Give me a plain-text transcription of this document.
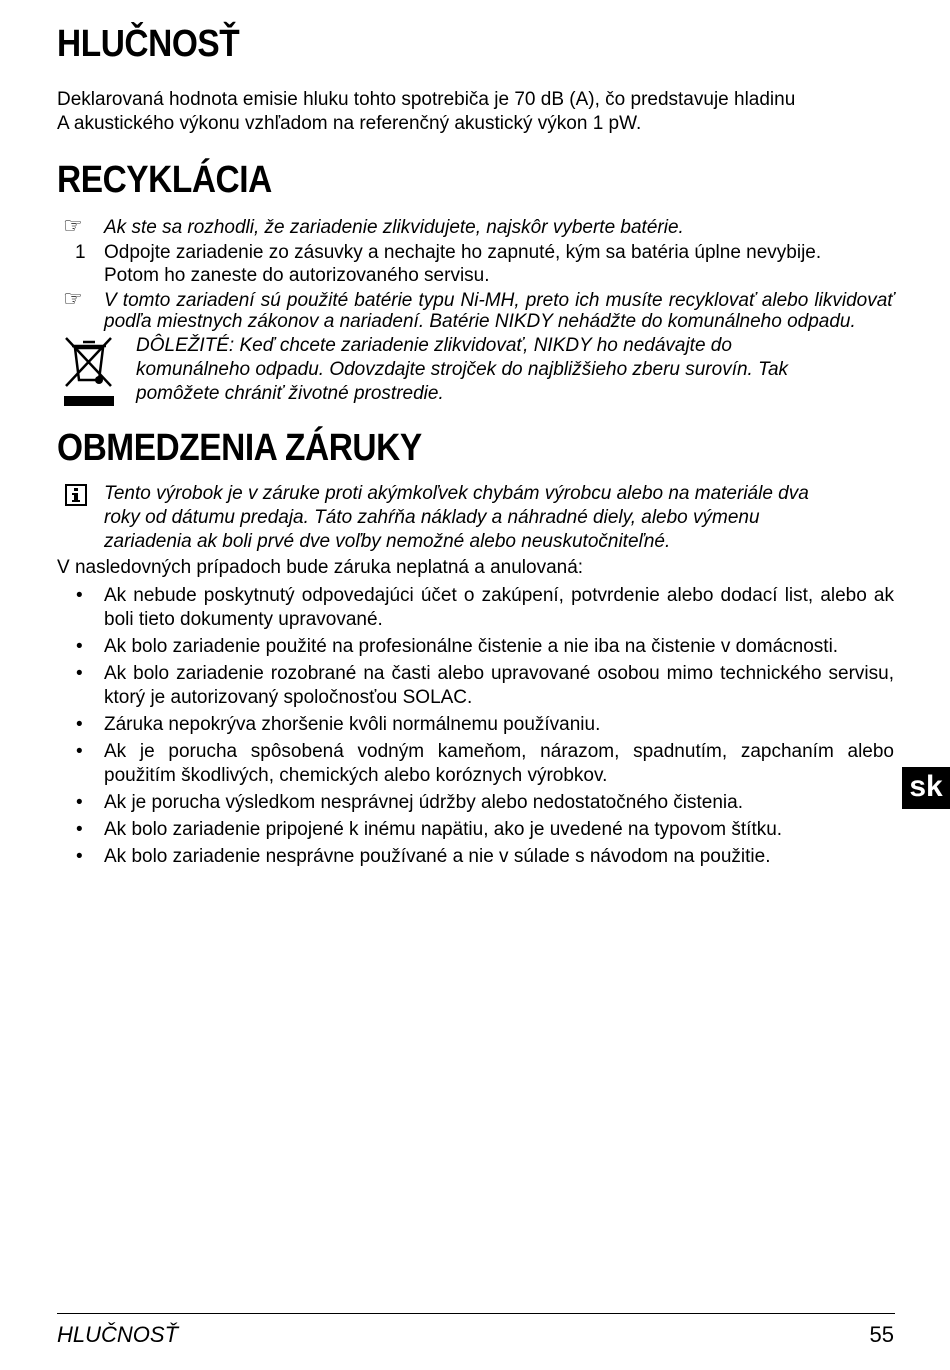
HLUČNOSŤ

Deklarovaná hodnota emisie hluku tohto spotrebiča je 70 dB (A), čo predstavuje hladinu
A akustického výkonu vzhľadom na referenčný akustický výkon 1 pW.

RECYKLÁCIA
☞ Ak ste sa rozhodli, že zariadenie zlikvidujete, najskôr vyberte batérie.
1 Odpojte zariadenie zo zásuvky a nechajte ho zapnuté, kým sa batéria úplne nevybije.
Potom ho zaneste do autorizovaného servisu.
☞ V tomto zariadení sú použité batérie typu Ni-MH, preto ich musíte recyklovať alebo likvidovať podľa miestnych zákonov a nariadení. Batérie NIKDY nehádžte do komunálneho odpadu.
DÔLEŽITÉ: Keď chcete zariadenie zlikvidovať, NIKDY ho nedávajte do
komunálneho odpadu. Odovzdajte strojček do najbližšieho zberu surovín. Tak
pomôžete chrániť životné prostredie.
OBMEDZENIA ZÁRUKY
Tento výrobok je v záruke proti akýmkoľvek chybám výrobcu alebo na materiále dva
roky od dátumu predaja. Táto zahŕňa náklady a náhradné diely, alebo výmenu
zariadenia ak boli prvé dve voľby nemožné alebo neuskutočniteľné.

V nasledovných prípadoch bude záruka neplatná a anulovaná:

• Ak nebude poskytnutý odpovedajúci účet o zakúpení, potvrdenie alebo dodací list, alebo ak boli tieto dokumenty upravované.
• Ak bolo zariadenie použité na profesionálne čistenie a nie iba na čistenie v domácnosti.
• Ak bolo zariadenie rozobrané na časti alebo upravované osobou mimo technického servisu, ktorý je autorizovaný spoločnosťou SOLAC.
• Záruka nepokrýva zhoršenie kvôli normálnemu používaniu.
• Ak je porucha spôsobená vodným kameňom, nárazom, spadnutím, zapchaním alebo použitím škodlivých, chemických alebo koróznych výrobkov.
• Ak je porucha výsledkom nesprávnej údržby alebo nedostatočného čistenia.
• Ak bolo zariadenie pripojené k inému napätiu, ako je uvedené na typovom štítku.
• Ak bolo zariadenie nesprávne používané a nie v súlade s návodom na použitie.
sk
HLUČNOSŤ	55
